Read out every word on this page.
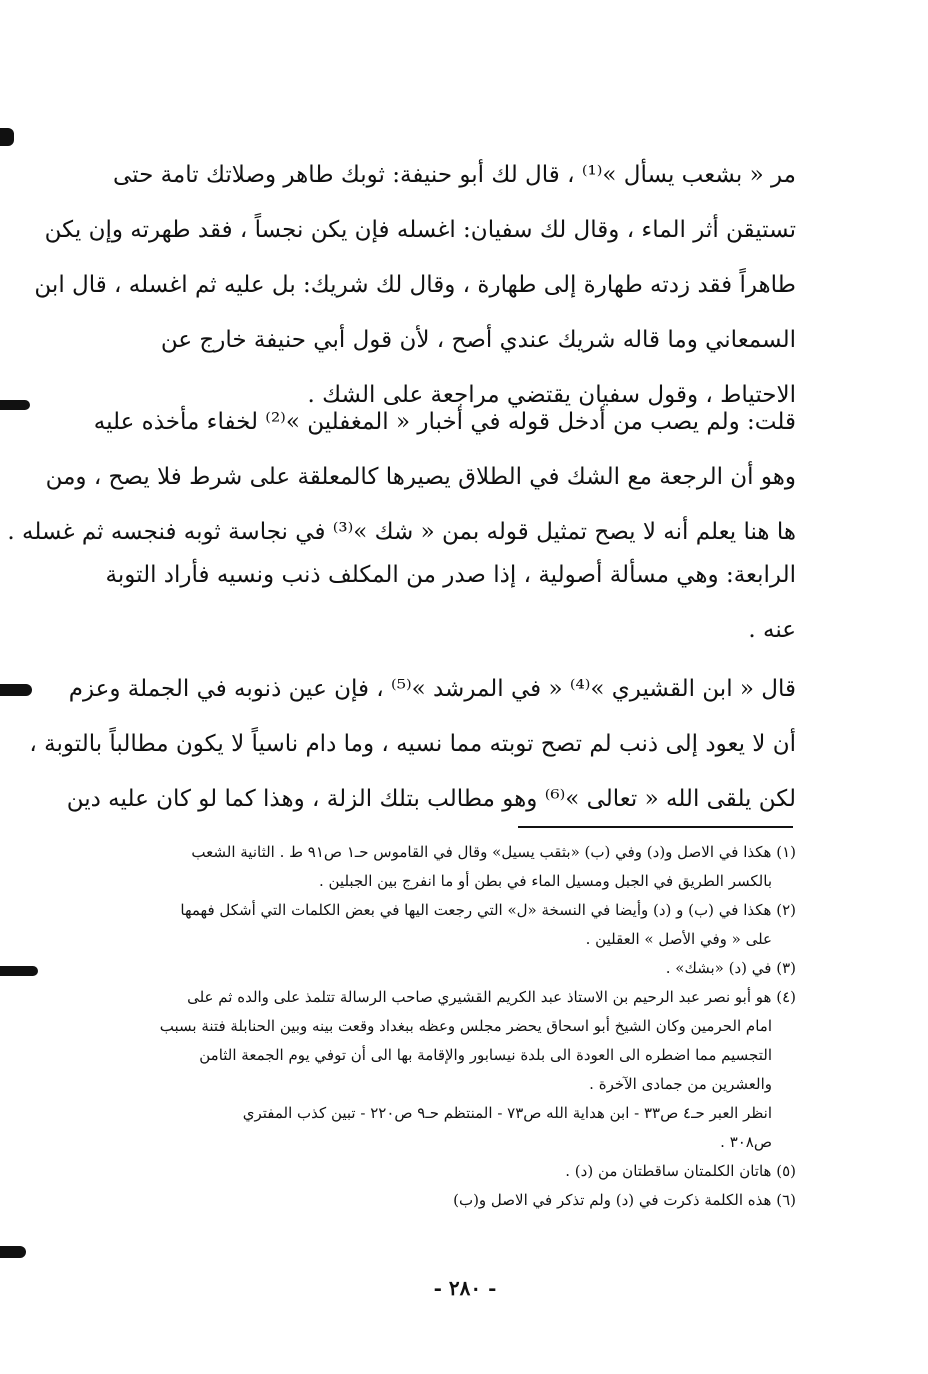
مر « بشعب يسأل »⁽¹⁾ ، قال لك أبو حنيفة: ثوبك طاهر وصلاتك تامة حتى
تستيقن أثر الماء ، وقال لك سفيان: اغسله فإن يكن نجساً ، فقد طهرته وإن يكن
طاهراً فقد زدته طهارة إلى طهارة ، وقال لك شريك: بل عليه ثم اغسله ، قال ابن
السمعاني وما قاله شريك عندي أصح ، لأن قول أبي حنيفة خارج عن
الاحتياط ، وقول سفيان يقتضي مراجعة على الشك .
قلت: ولم يصب من أدخل قوله في أخبار « المغفلين »⁽²⁾ لخفاء مأخذه عليه
وهو أن الرجعة مع الشك في الطلاق يصيرها كالمعلقة على شرط فلا يصح ، ومن
ها هنا يعلم أنه لا يصح تمثيل قوله بمن « شك »⁽³⁾ في نجاسة ثوبه فنجسه ثم غسله .
الرابعة: وهي مسألة أصولية ، إذا صدر من المكلف ذنب ونسيه فأراد التوبة
عنه .
قال « ابن القشيري »⁽⁴⁾ « في المرشد »⁽⁵⁾ ، فإن عين ذنوبه في الجملة وعزم
أن لا يعود إلى ذنب لم تصح توبته مما نسيه ، وما دام ناسياً لا يكون مطالباً بالتوبة ،
لكن يلقى الله « تعالى »⁽⁶⁾ وهو مطالب بتلك الزلة ، وهذا كما لو كان عليه دين
(١) هكذا في الاصل و(د) وفي (ب) «بثقب يسيل» وقال في القاموس حـ١ ص٩١ ط . الثانية الشعب
بالكسر الطريق في الجبل ومسيل الماء في بطن أو ما انفرج بين الجبلين .
(٢) هكذا في (ب) و (د) وأيضا في النسخة «ل» التي رجعت اليها في بعض الكلمات التي أشكل فهمها
على « وفي الأصل » العقلين .
(٣) في (د) «بشك» .
(٤) هو أبو نصر عبد الرحيم بن الاستاذ عبد الكريم القشيري صاحب الرسالة تتلمذ على والده ثم على
امام الحرمين وكان الشيخ أبو اسحاق يحضر مجلس وعظه ببغداد وقعت بينه وبين الحنابلة فتنة بسبب
التجسيم مما اضطره الى العودة الى بلدة نيسابور والإقامة بها الى أن توفي يوم الجمعة الثامن
والعشرين من جمادى الآخرة .
انظر العبر حـ٤ ص٣٣ - ابن هداية الله ص٧٣ - المنتظم حـ٩ ص٢٢٠ - تبين كذب المفتري
ص٣٠٨ .
(٥) هاتان الكلمتان ساقطتان من (د) .
(٦) هذه الكلمة ذكرت في (د) ولم تذكر في الاصل و(ب)
- ٢٨٠ -
